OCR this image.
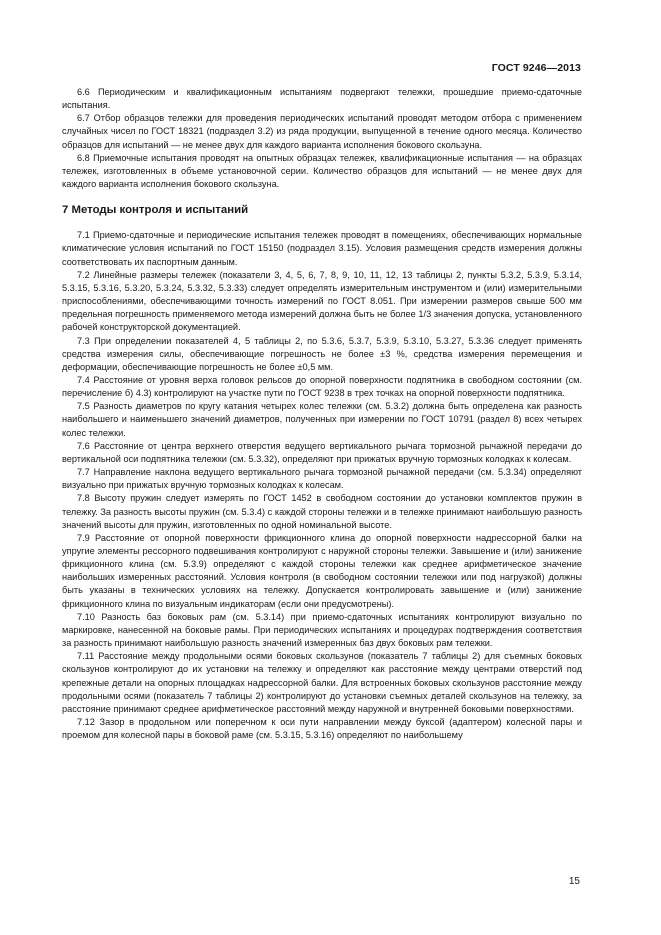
ГОСТ 9246—2013

6.6 Периодическим и квалификационным испытаниям подвергают тележки, прошедшие приемо-сдаточные испытания.

6.7 Отбор образцов тележки для проведения периодических испытаний проводят методом отбора с применением случайных чисел по ГОСТ 18321 (подраздел 3.2) из ряда продукции, выпущенной в течение одного месяца. Количество образцов для испытаний — не менее двух для каждого варианта исполнения бокового скользуна.

6.8 Приемочные испытания проводят на опытных образцах тележек, квалификационные испытания — на образцах тележек, изготовленных в объеме установочной серии. Количество образцов для испытаний — не менее двух для каждого варианта исполнения бокового скользуна.

7 Методы контроля и испытаний

7.1 Приемо-сдаточные и периодические испытания тележек проводят в помещениях, обеспечивающих нормальные климатические условия испытаний по ГОСТ 15150 (подраздел 3.15). Условия размещения средств измерения должны соответствовать их паспортным данным.

7.2 Линейные размеры тележек (показатели 3, 4, 5, 6, 7, 8, 9, 10, 11, 12, 13 таблицы 2, пункты 5.3.2, 5.3.9, 5.3.14, 5.3.15, 5.3.16, 5.3.20, 5.3.24, 5.3.32, 5.3.33) следует определять измерительным инструментом и (или) измерительными приспособлениями, обеспечивающими точность измерений по ГОСТ 8.051. При измерении размеров свыше 500 мм предельная погрешность применяемого метода измерений должна быть не более 1/3 значения допуска, установленного рабочей конструкторской документацией.

7.3 При определении показателей 4, 5 таблицы 2, по 5.3.6, 5.3.7, 5.3.9, 5.3.10, 5.3.27, 5.3.36 следует применять средства измерения силы, обеспечивающие погрешность не более ±3 %, средства измерения перемещения и деформации, обеспечивающие погрешность не более ±0,5 мм.

7.4 Расстояние от уровня верха головок рельсов до опорной поверхности подпятника в свободном состоянии (см. перечисление б) 4.3) контролируют на участке пути по ГОСТ 9238 в трех точках на опорной поверхности подпятника.

7.5 Разность диаметров по кругу катания четырех колес тележки (см. 5.3.2) должна быть определена как разность наибольшего и наименьшего значений диаметров, полученных при измерении по ГОСТ 10791 (раздел 8) всех четырех колес тележки.

7.6 Расстояние от центра верхнего отверстия ведущего вертикального рычага тормозной рычажной передачи до вертикальной оси подпятника тележки (см. 5.3.32), определяют при прижатых вручную тормозных колодках к колесам.

7.7 Направление наклона ведущего вертикального рычага тормозной рычажной передачи (см. 5.3.34) определяют визуально при прижатых вручную тормозных колодках к колесам.

7.8 Высоту пружин следует измерять по ГОСТ 1452 в свободном состоянии до установки комплектов пружин в тележку. За разность высоты пружин (см. 5.3.4) с каждой стороны тележки и в тележке принимают наибольшую разность значений высоты для пружин, изготовленных по одной номинальной высоте.

7.9 Расстояние от опорной поверхности фрикционного клина до опорной поверхности надрессорной балки на упругие элементы рессорного подвешивания контролируют с наружной стороны тележки. Завышение и (или) занижение фрикционного клина (см. 5.3.9) определяют с каждой стороны тележки как среднее арифметическое значение наибольших измеренных расстояний. Условия контроля (в свободном состоянии тележки или под нагрузкой) должны быть указаны в технических условиях на тележку. Допускается контролировать завышение и (или) занижение фрикционного клина по визуальным индикаторам (если они предусмотрены).

7.10 Разность баз боковых рам (см. 5.3.14) при приемо-сдаточных испытаниях контролируют визуально по маркировке, нанесенной на боковые рамы. При периодических испытаниях и процедурах подтверждения соответствия за разность принимают наибольшую разность значений измеренных баз двух боковых рам тележки.

7.11 Расстояние между продольными осями боковых скользунов (показатель 7 таблицы 2) для съемных боковых скользунов контролируют до их установки на тележку и определяют как расстояние между центрами отверстий под крепежные детали на опорных площадках надрессорной балки. Для встроенных боковых скользунов расстояние между продольными осями (показатель 7 таблицы 2) контролируют до установки съемных деталей скользунов на тележку, за расстояние принимают среднее арифметическое расстояний между наружной и внутренней боковыми поверхностями.

7.12 Зазор в продольном или поперечном к оси пути направлении между буксой (адаптером) колесной пары и проемом для колесной пары в боковой раме (см. 5.3.15, 5.3.16) определяют по наибольшему

15
